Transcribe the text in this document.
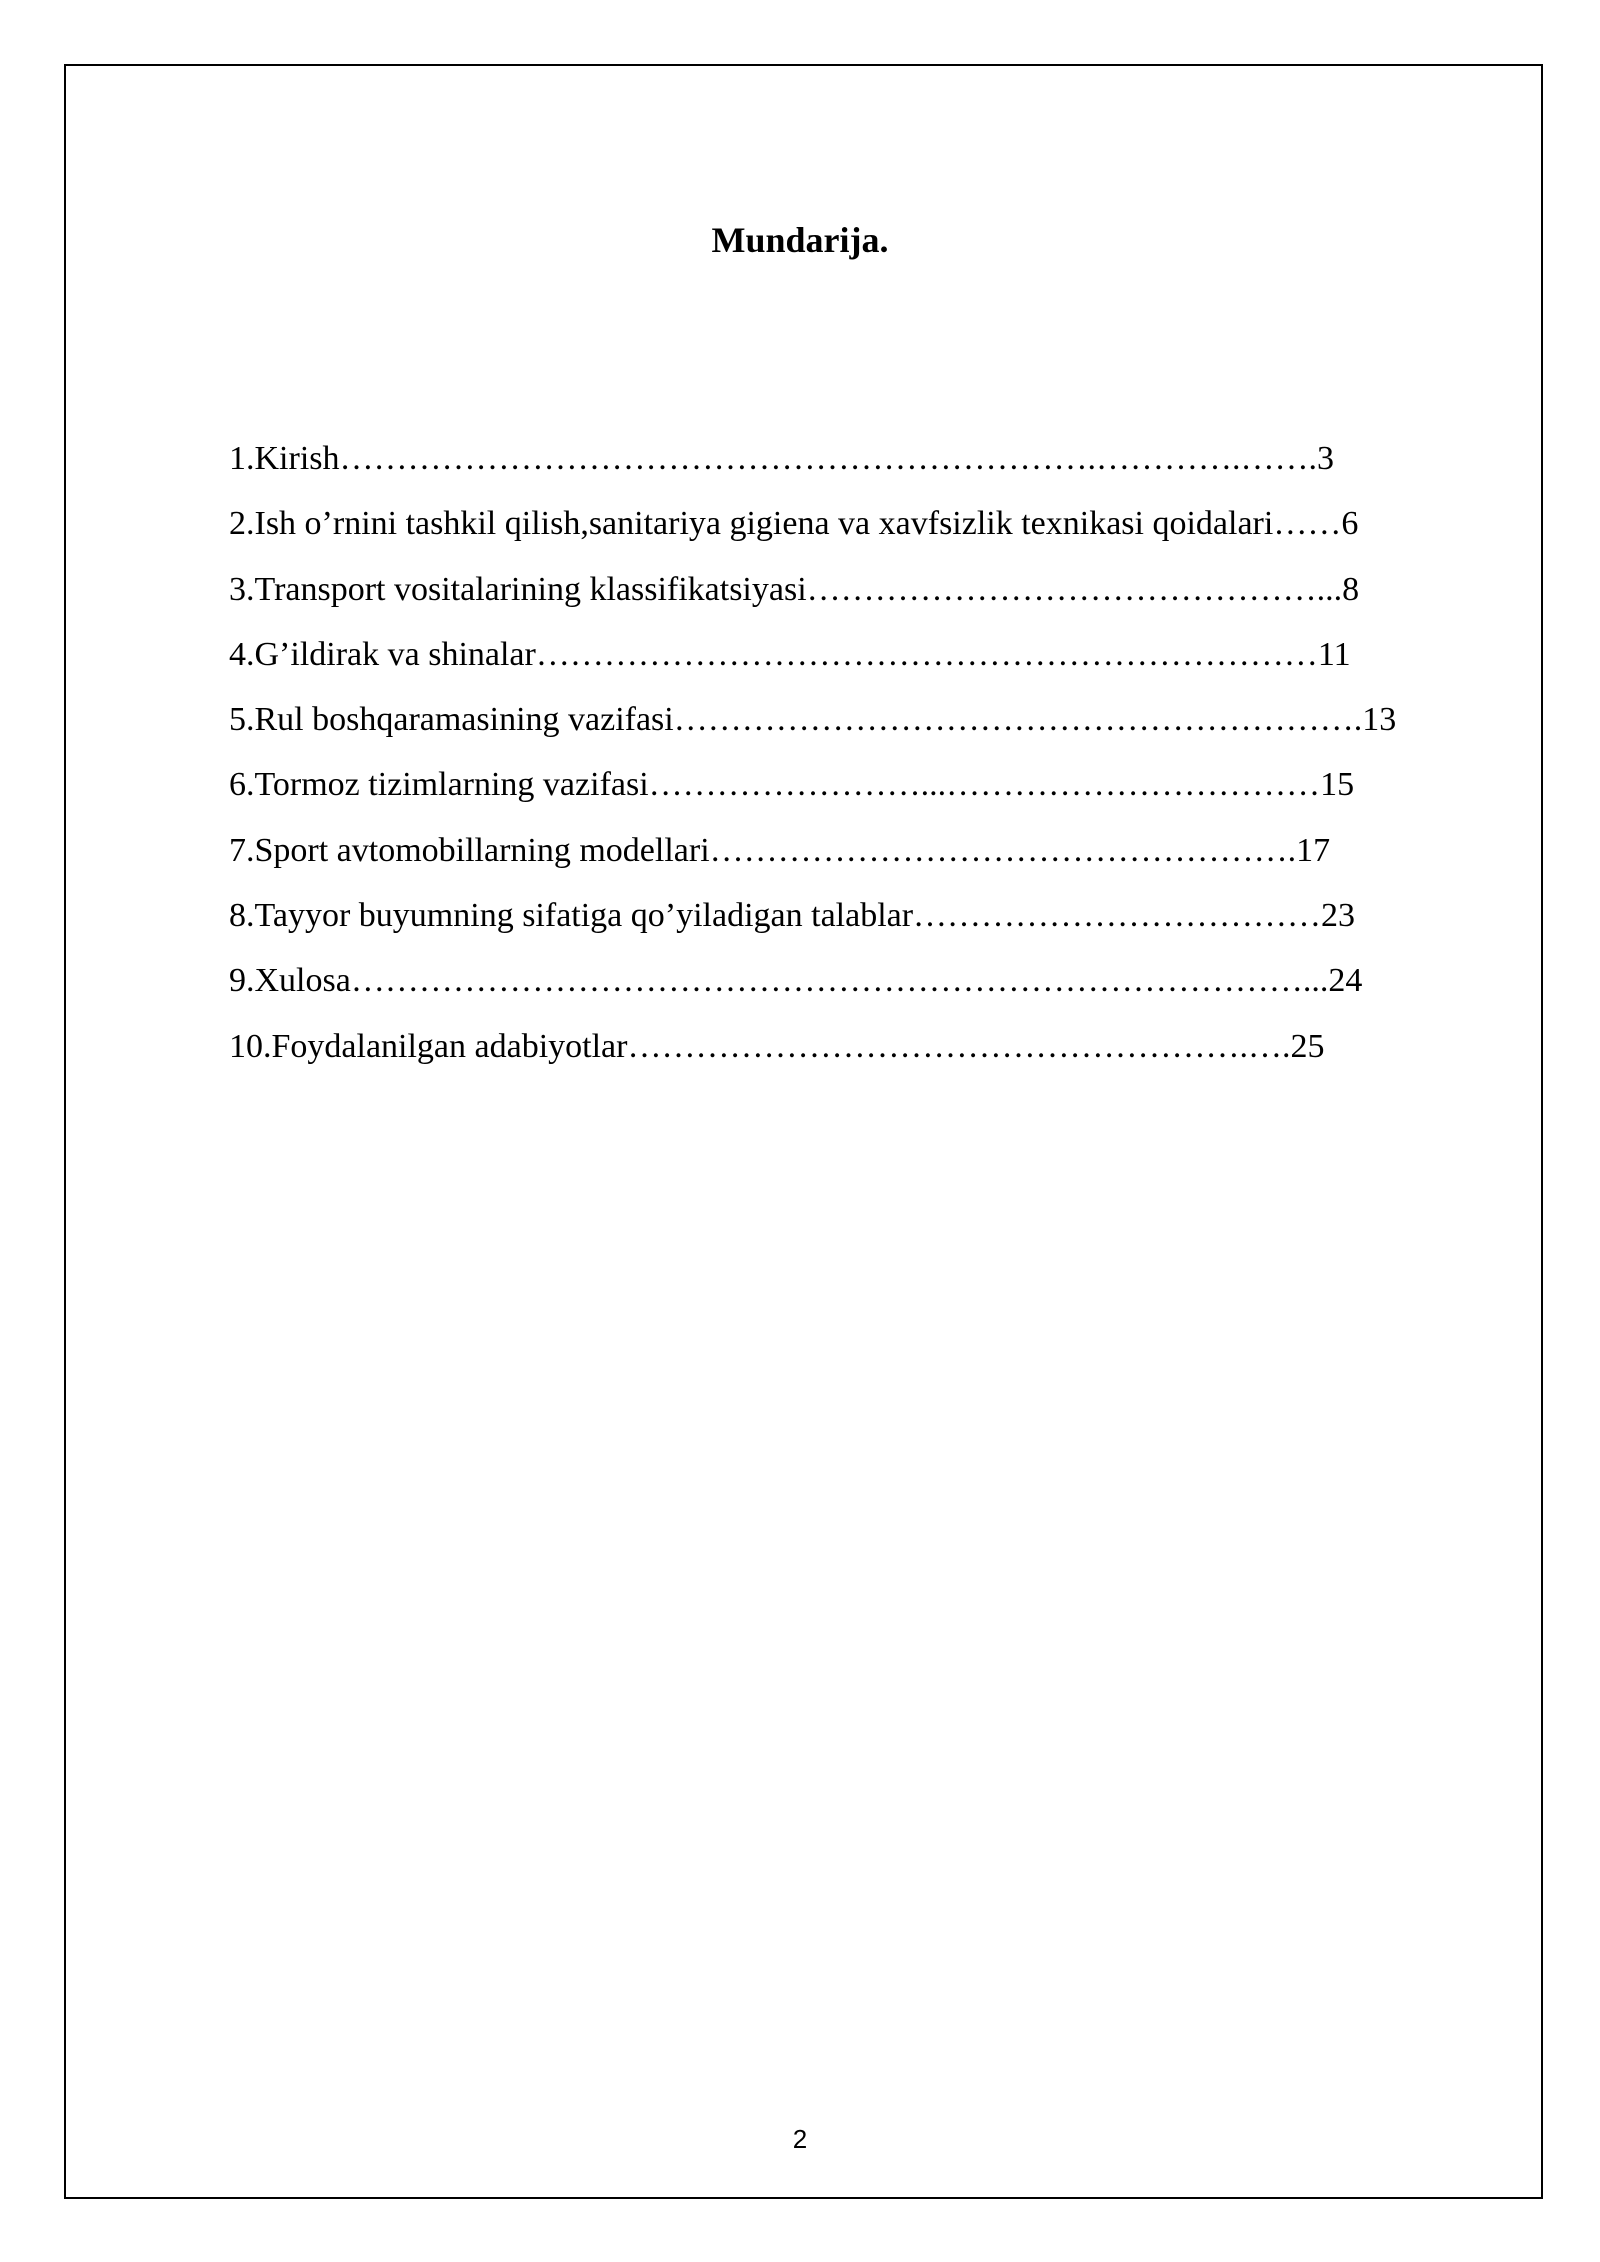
Mundarija.
1.Kirish………………………………………………………….………….…….3
2.Ish o’rnini tashkil qilish,sanitariya gigiena va xavfsizlik texnikasi qoidalari……6
3.Transport vositalarining klassifikatsiyasi………………………………………...8
4.G’ildirak va shinalar……………………………………………………………11
5.Rul boshqaramasining vazifasi…………………………………………………….13
6.Tormoz tizimlarning vazifasi……………………...……………………………15
7.Sport avtomobillarning modellari…………………………………………….17
8.Tayyor buyumning sifatiga qo’yiladigan talablar………………………………23
9.Xulosa…………………………………………………………………………...24
10.Foydalanilgan adabiyotlar……………………………………………….….25
2
